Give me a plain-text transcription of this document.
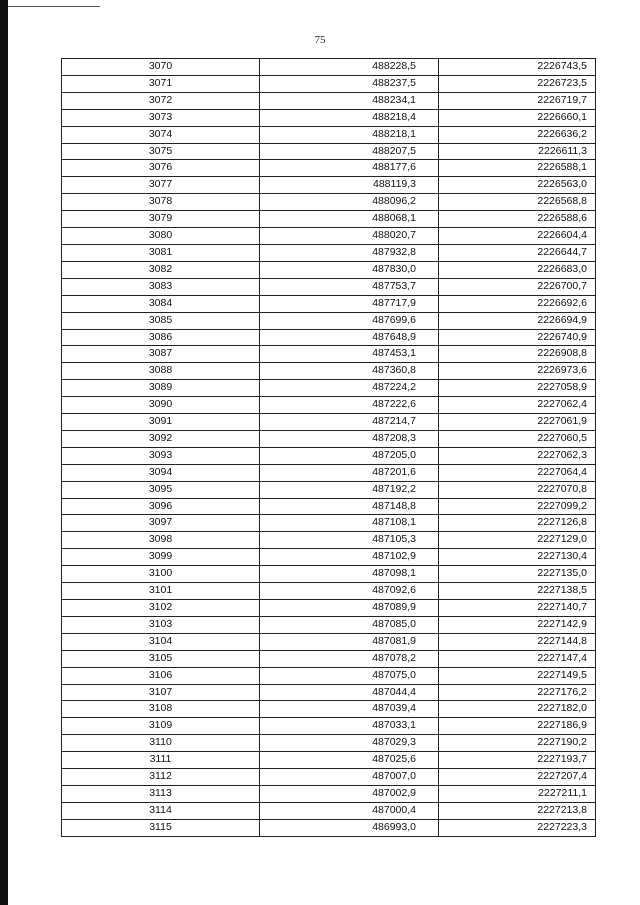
75
3070	488228,5	2226743,5
3071	488237,5	2226723,5
3072	488234,1	2226719,7
3073	488218,4	2226660,1
3074	488218,1	2226636,2
3075	488207,5	2226611,3
3076	488177,6	2226588,1
3077	488119,3	2226563,0
3078	488096,2	2226568,8
3079	488068,1	2226588,6
3080	488020,7	2226604,4
3081	487932,8	2226644,7
3082	487830,0	2226683,0
3083	487753,7	2226700,7
3084	487717,9	2226692,6
3085	487699,6	2226694,9
3086	487648,9	2226740,9
3087	487453,1	2226908,8
3088	487360,8	2226973,6
3089	487224,2	2227058,9
3090	487222,6	2227062,4
3091	487214,7	2227061,9
3092	487208,3	2227060,5
3093	487205,0	2227062,3
3094	487201,6	2227064,4
3095	487192,2	2227070,8
3096	487148,8	2227099,2
3097	487108,1	2227126,8
3098	487105,3	2227129,0
3099	487102,9	2227130,4
3100	487098,1	2227135,0
3101	487092,6	2227138,5
3102	487089,9	2227140,7
3103	487085,0	2227142,9
3104	487081,9	2227144,8
3105	487078,2	2227147,4
3106	487075,0	2227149,5
3107	487044,4	2227176,2
3108	487039,4	2227182,0
3109	487033,1	2227186,9
3110	487029,3	2227190,2
3111	487025,6	2227193,7
3112	487007,0	2227207,4
3113	487002,9	2227211,1
3114	487000,4	2227213,8
3115	486993,0	2227223,3
